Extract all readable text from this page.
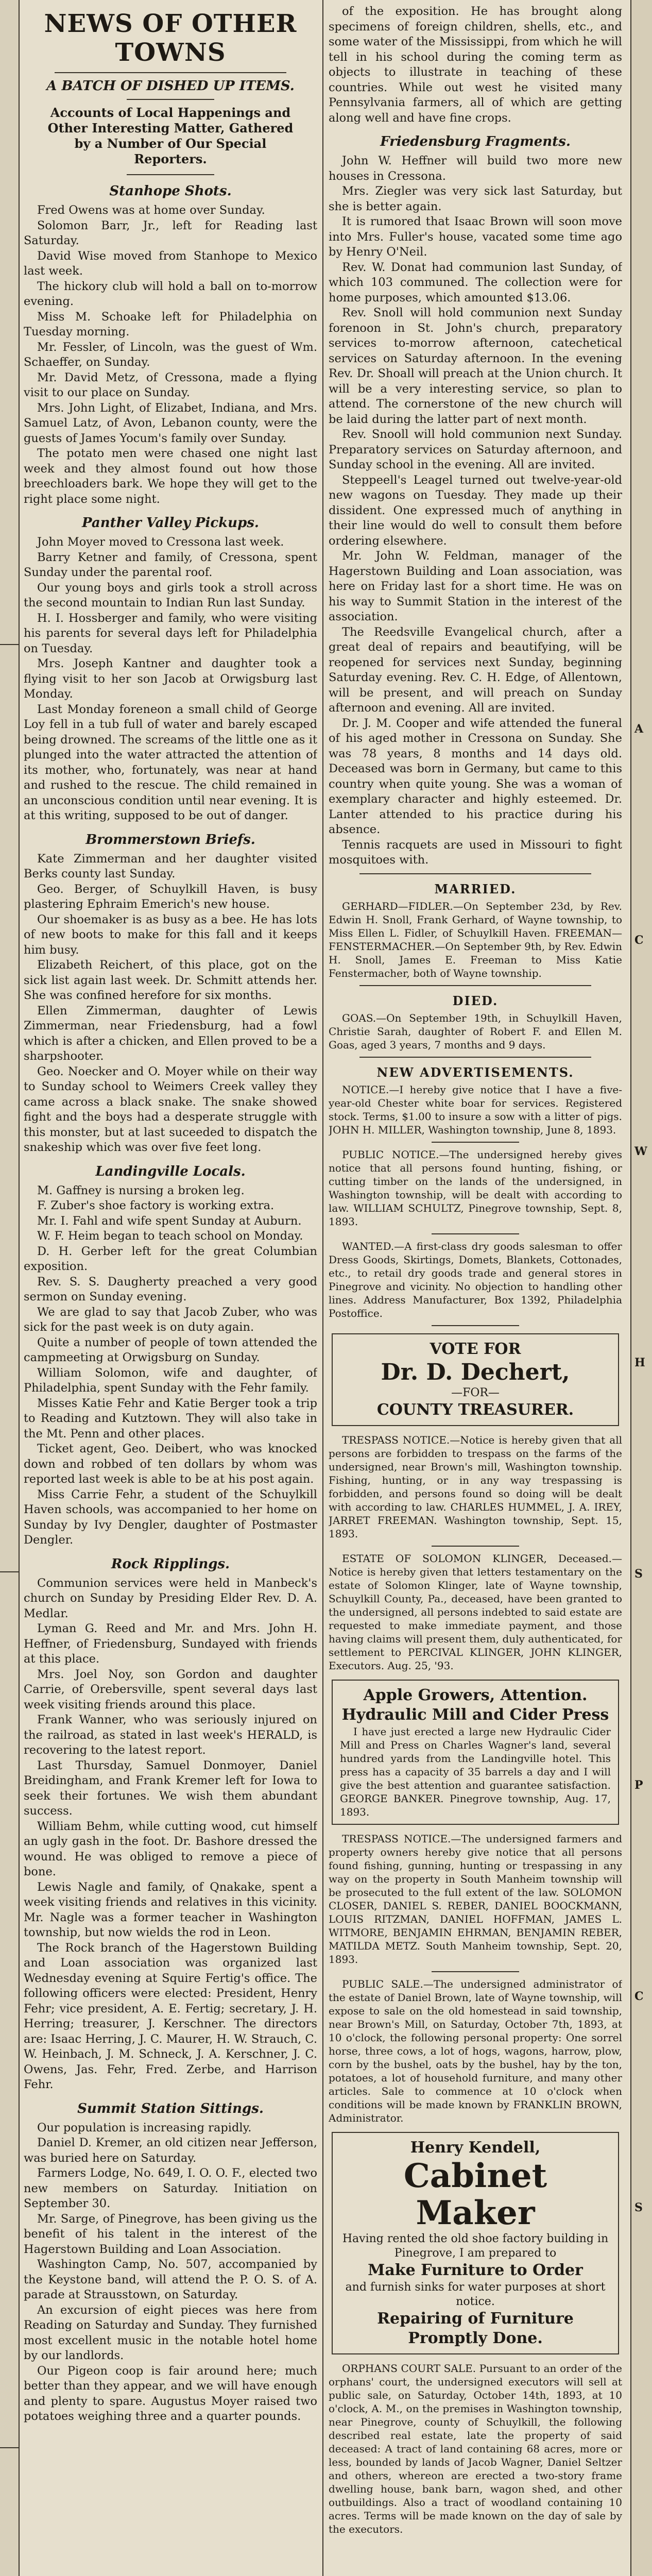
NEWS OF OTHER TOWNS
A BATCH OF DISHED UP ITEMS.
Accounts of Local Happenings and Other Interesting Matter, Gathered by a Number of Our Special Reporters.
Stanhope Shots.

Fred Owens was at home over Sunday.

Solomon Barr, Jr., left for Reading last Saturday.

David Wise moved from Stanhope to Mexico last week.

The hickory club will hold a ball on to-morrow evening.

Miss M. Schoake left for Philadelphia on Tuesday morning.

Mr. Fessler, of Lincoln, was the guest of Wm. Schaeffer, on Sunday.

Mr. David Metz, of Cressona, made a flying visit to our place on Sunday.

Mrs. John Light, of Elizabet, Indiana, and Mrs. Samuel Latz, of Avon, Lebanon county, were the guests of James Yocum's family over Sunday.

The potato men were chased one night last week and they almost found out how those breechloaders bark. We hope they will get to the right place some night.

Panther Valley Pickups.

John Moyer moved to Cressona last week.

Barry Ketner and family, of Cressona, spent Sunday under the parental roof.

Our young boys and girls took a stroll across the second mountain to Indian Run last Sunday.

H. I. Hossberger and family, who were visiting his parents for several days left for Philadelphia on Tuesday.

Mrs. Joseph Kantner and daughter took a flying visit to her son Jacob at Orwigsburg last Monday.

Last Monday foreneon a small child of George Loy fell in a tub full of water and barely escaped being drowned. The screams of the little one as it plunged into the water attracted the attention of its mother, who, fortunately, was near at hand and rushed to the rescue. The child remained in an unconscious condition until near evening. It is at this writing, supposed to be out of danger.

Brommerstown Briefs.

Kate Zimmerman and her daughter visited Berks county last Sunday.

Geo. Berger, of Schuylkill Haven, is busy plastering Ephraim Emerich's new house.

Our shoemaker is as busy as a bee. He has lots of new boots to make for this fall and it keeps him busy.

Elizabeth Reichert, of this place, got on the sick list again last week. Dr. Schmitt attends her. She was confined herefore for six months.

Ellen Zimmerman, daughter of Lewis Zimmerman, near Friedensburg, had a fowl which is after a chicken, and Ellen proved to be a sharpshooter.

Geo. Noecker and O. Moyer while on their way to Sunday school to Weimers Creek valley they came across a black snake. The snake showed fight and the boys had a desperate struggle with this monster, but at last suceeded to dispatch the snakeship which was over five feet long.

Landingville Locals.

M. Gaffney is nursing a broken leg.

F. Zuber's shoe factory is working extra.

Mr. I. Fahl and wife spent Sunday at Auburn.

W. F. Heim began to teach school on Monday.

D. H. Gerber left for the great Columbian exposition.

Rev. S. S. Daugherty preached a very good sermon on Sunday evening.

We are glad to say that Jacob Zuber, who was sick for the past week is on duty again.

Quite a number of people of town attended the campmeeting at Orwigsburg on Sunday.

William Solomon, wife and daughter, of Philadelphia, spent Sunday with the Fehr family.

Misses Katie Fehr and Katie Berger took a trip to Reading and Kutztown. They will also take in the Mt. Penn and other places.

Ticket agent, Geo. Deibert, who was knocked down and robbed of ten dollars by whom was reported last week is able to be at his post again.

Miss Carrie Fehr, a student of the Schuylkill Haven schools, was accompanied to her home on Sunday by Ivy Dengler, daughter of Postmaster Dengler.

Rock Ripplings.

Communion services were held in Manbeck's church on Sunday by Presiding Elder Rev. D. A. Medlar.

Lyman G. Reed and Mr. and Mrs. John H. Heffner, of Friedensburg, Sundayed with friends at this place.

Mrs. Joel Noy, son Gordon and daughter Carrie, of Orebersville, spent several days last week visiting friends around this place.

Frank Wanner, who was seriously injured on the railroad, as stated in last week's HERALD, is recovering to the latest report.

Last Thursday, Samuel Donmoyer, Daniel Breidingham, and Frank Kremer left for Iowa to seek their fortunes. We wish them abundant success.

William Behm, while cutting wood, cut himself an ugly gash in the foot. Dr. Bashore dressed the wound. He was obliged to remove a piece of bone.

Lewis Nagle and family, of Qnakake, spent a week visiting friends and relatives in this vicinity. Mr. Nagle was a former teacher in Washington township, but now wields the rod in Leon.

The Rock branch of the Hagerstown Building and Loan association was organized last Wednesday evening at Squire Fertig's office. The following officers were elected: President, Henry Fehr; vice president, A. E. Fertig; secretary, J. H. Herring; treasurer, J. Kerschner. The directors are: Isaac Herring, J. C. Maurer, H. W. Strauch, C. W. Heinbach, J. M. Schneck, J. A. Kerschner, J. C. Owens, Jas. Fehr, Fred. Zerbe, and Harrison Fehr.

Summit Station Sittings.

Our population is increasing rapidly.

Daniel D. Kremer, an old citizen near Jefferson, was buried here on Saturday.

Farmers Lodge, No. 649, I. O. O. F., elected two new members on Saturday. Initiation on September 30.

Mr. Sarge, of Pinegrove, has been giving us the benefit of his talent in the interest of the Hagerstown Building and Loan Association.

Washington Camp, No. 507, accompanied by the Keystone band, will attend the P. O. S. of A. parade at Strausstown, on Saturday.

An excursion of eight pieces was here from Reading on Saturday and Sunday. They furnished most excellent music in the notable hotel home by our landlords.

Our Pigeon coop is fair around here; much better than they appear, and we will have enough and plenty to spare. Augustus Moyer raised two potatoes weighing three and a quarter pounds.

of the exposition. He has brought along specimens of foreign children, shells, etc., and some water of the Mississippi, from which he will tell in his school during the coming term as objects to illustrate in teaching of these countries. While out west he visited many Pennsylvania farmers, all of which are getting along well and have fine crops.

Friedensburg Fragments.

John W. Heffner will build two more new houses in Cressona.

Mrs. Ziegler was very sick last Saturday, but she is better again.

It is rumored that Isaac Brown will soon move into Mrs. Fuller's house, vacated some time ago by Henry O'Neil.

Rev. W. Donat had communion last Sunday, of which 103 communed. The collection were for home purposes, which amounted $13.06.

Rev. Snoll will hold communion next Sunday forenoon in St. John's church, preparatory services to-morrow afternoon, catechetical services on Saturday afternoon. In the evening Rev. Dr. Shoall will preach at the Union church. It will be a very interesting service, so plan to attend. The cornerstone of the new church will be laid during the latter part of next month.

Rev. Snooll will hold communion next Sunday. Preparatory services on Saturday afternoon, and Sunday school in the evening. All are invited.

Steppeell's Leagel turned out twelve-year-old new wagons on Tuesday. They made up their dissident. One expressed much of anything in their line would do well to consult them before ordering elsewhere.

Mr. John W. Feldman, manager of the Hagerstown Building and Loan association, was here on Friday last for a short time. He was on his way to Summit Station in the interest of the association.

The Reedsville Evangelical church, after a great deal of repairs and beautifying, will be reopened for services next Sunday, beginning Saturday evening. Rev. C. H. Edge, of Allentown, will be present, and will preach on Sunday afternoon and evening. All are invited.

Dr. J. M. Cooper and wife attended the funeral of his aged mother in Cressona on Sunday. She was 78 years, 8 months and 14 days old. Deceased was born in Germany, but came to this country when quite young. She was a woman of exemplary character and highly esteemed. Dr. Lanter attended to his practice during his absence.

Tennis racquets are used in Missouri to fight mosquitoes with.

MARRIED.

GERHARD—FIDLER.—On September 23d, by Rev. Edwin H. Snoll, Frank Gerhard, of Wayne township, to Miss Ellen L. Fidler, of Schuylkill Haven. FREEMAN—FENSTERMACHER.—On September 9th, by Rev. Edwin H. Snoll, James E. Freeman to Miss Katie Fenstermacher, both of Wayne township.

DIED.

GOAS.—On September 19th, in Schuylkill Haven, Christie Sarah, daughter of Robert F. and Ellen M. Goas, aged 3 years, 7 months and 9 days.

NEW ADVERTISEMENTS.

NOTICE.—I hereby give notice that I have a five-year-old Chester white boar for services. Registered stock. Terms, $1.00 to insure a sow with a litter of pigs. JOHN H. MILLER, Washington township, June 8, 1893.

PUBLIC NOTICE.—The undersigned hereby gives notice that all persons found hunting, fishing, or cutting timber on the lands of the undersigned, in Washington township, will be dealt with according to law. WILLIAM SCHULTZ, Pinegrove township, Sept. 8, 1893.

WANTED.—A first-class dry goods salesman to offer Dress Goods, Skirtings, Domets, Blankets, Cottonades, etc., to retail dry goods trade and general stores in Pinegrove and vicinity. No objection to handling other lines. Address Manufacturer, Box 1392, Philadelphia Postoffice.

VOTE FOR
Dr. D. Dechert,
—FOR—
COUNTY TREASURER.

TRESPASS NOTICE.—Notice is hereby given that all persons are forbidden to trespass on the farms of the undersigned, near Brown's mill, Washington township. Fishing, hunting, or in any way trespassing is forbidden, and persons found so doing will be dealt with according to law. CHARLES HUMMEL, J. A. IREY, JARRET FREEMAN. Washington township, Sept. 15, 1893.

ESTATE OF SOLOMON KLINGER, Deceased.—Notice is hereby given that letters testamentary on the estate of Solomon Klinger, late of Wayne township, Schuylkill County, Pa., deceased, have been granted to the undersigned, all persons indebted to said estate are requested to make immediate payment, and those having claims will present them, duly authenticated, for settlement to PERCIVAL KLINGER, JOHN KLINGER, Executors. Aug. 25, '93.

Apple Growers, Attention.
Hydraulic Mill and Cider Press

I have just erected a large new Hydraulic Cider Mill and Press on Charles Wagner's land, several hundred yards from the Landingville hotel. This press has a capacity of 35 barrels a day and I will give the best attention and guarantee satisfaction. GEORGE BANKER. Pinegrove township, Aug. 17, 1893.

TRESPASS NOTICE.—The undersigned farmers and property owners hereby give notice that all persons found fishing, gunning, hunting or trespassing in any way on the property in South Manheim township will be prosecuted to the full extent of the law. SOLOMON CLOSER, DANIEL S. REBER, DANIEL BOOCKMANN, LOUIS RITZMAN, DANIEL HOFFMAN, JAMES L. WITMORE, BENJAMIN EHRMAN, BENJAMIN REBER, MATILDA METZ. South Manheim township, Sept. 20, 1893.

PUBLIC SALE.—The undersigned administrator of the estate of Daniel Brown, late of Wayne township, will expose to sale on the old homestead in said township, near Brown's Mill, on Saturday, October 7th, 1893, at 10 o'clock, the following personal property: One sorrel horse, three cows, a lot of hogs, wagons, harrow, plow, corn by the bushel, oats by the bushel, hay by the ton, potatoes, a lot of household furniture, and many other articles. Sale to commence at 10 o'clock when conditions will be made known by FRANKLIN BROWN, Administrator.

Henry Kendell,
Cabinet Maker
Having rented the old shoe factory building in Pinegrove, I am prepared to
Make Furniture to Order
and furnish sinks for water purposes at short notice.
Repairing of Furniture Promptly Done.

ORPHANS COURT SALE. Pursuant to an order of the orphans' court, the undersigned executors will sell at public sale, on Saturday, October 14th, 1893, at 10 o'clock, A. M., on the premises in Washington township, near Pinegrove, county of Schuylkill, the following described real estate, late the property of said deceased: A tract of land containing 68 acres, more or less, bounded by lands of Jacob Wagner, Daniel Seltzer and others, whereon are erected a two-story frame dwelling house, bank barn, wagon shed, and other outbuildings. Also a tract of woodland containing 10 acres. Terms will be made known on the day of sale by the executors.

A
C
W
H
S
P
C
S
